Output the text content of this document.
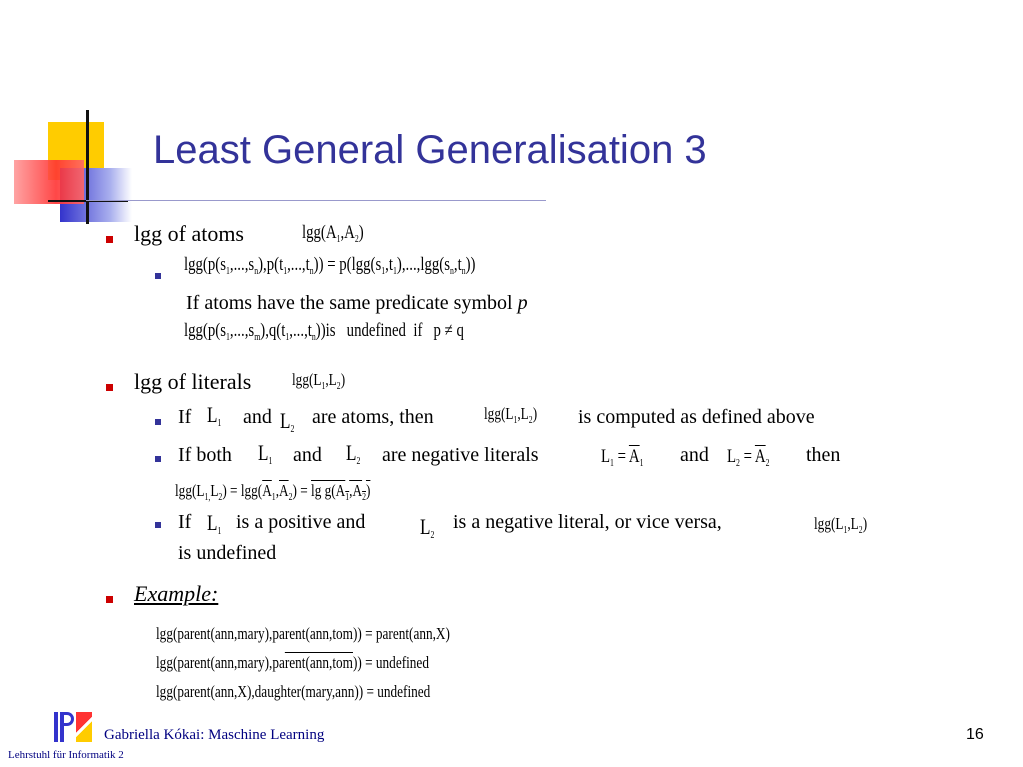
Least General Generalisation 3
lgg of atoms	$\lg g(A_1,A_2)$
$\lg g(p(s_1,...,s_n),p(t_1,...,t_n)) = p(\lg g(s_1,t_1),...,\lg g(s_n,t_n))$
If atoms have the same predicate symbol p
$\lg g(p(s_1,...,s_m),q(t_1,...,t_n))is$   undefined  if   p ≠ q
lgg of literals $\lg g(L_1,L_2)$
If $L_1$ and $L_2$
are atoms, then	$\lg g(L_1,L_2)$ is computed as defined above
If both $L_1$ and $L_2$ are negative literals	$L_1 = \overline{A}_1$ and $L_2 = \overline{A}_2$ then
$\lg g(L_{1,}L_2) = \lg g(\overline{A}_1,\overline{A}_2) = \lg g(A_1,A_2)$
If $L_1$ is a positive and $L_2$
is a negative literal, or vice versa,	$\lg g(L_1,L_2)$
is undefined
Example:
lgg(parent(ann,mary),parent(ann,tom)) = parent(ann,X)
lgg(parent(ann,mary),parent(ann,tom)) = undefined
lgg(parent(ann,X),daughter(mary,ann)) = undefined
Gabriella Kókai: Maschine Learning
Lehrstuhl für Informatik 2
16
